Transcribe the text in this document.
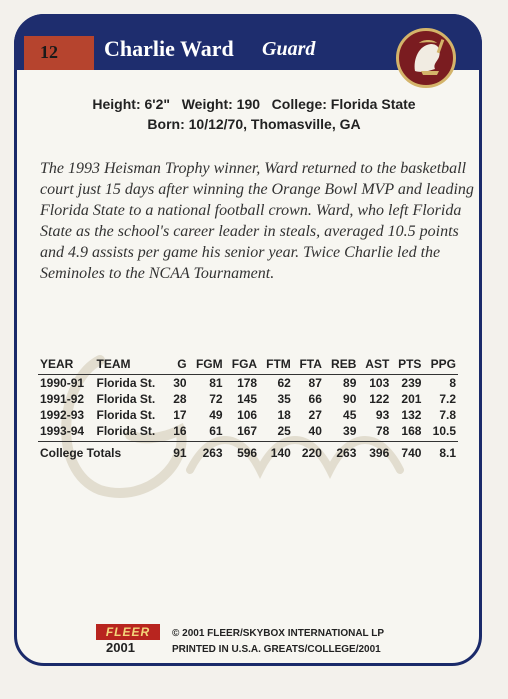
12 Charlie Ward Guard
Height: 6'2"   Weight: 190   College: Florida State
Born: 10/12/70, Thomasville, GA

The 1993 Heisman Trophy winner, Ward returned to the basketball court just 15 days after winning the Orange Bowl MVP and leading Florida State to a national football crown. Ward, who left Florida State as the school's career leader in steals, averaged 10.5 points and 4.9 assists per game his senior year. Twice Charlie led the Seminoles to the NCAA Tournament.

YEAR	TEAM	G	FGM	FGA	FTM	FTA	REB	AST	PTS	PPG
1990-91	Florida St.	30	81	178	62	87	89	103	239	8
1991-92	Florida St.	28	72	145	35	66	90	122	201	7.2
1992-93	Florida St.	17	49	106	18	27	45	93	132	7.8
1993-94	Florida St.	16	61	167	25	40	39	78	168	10.5
College Totals		91	263	596	140	220	263	396	740	8.1
FLEER
2001
© 2001 FLEER/SKYBOX INTERNATIONAL LP
PRINTED IN U.S.A. GREATS/COLLEGE/2001
